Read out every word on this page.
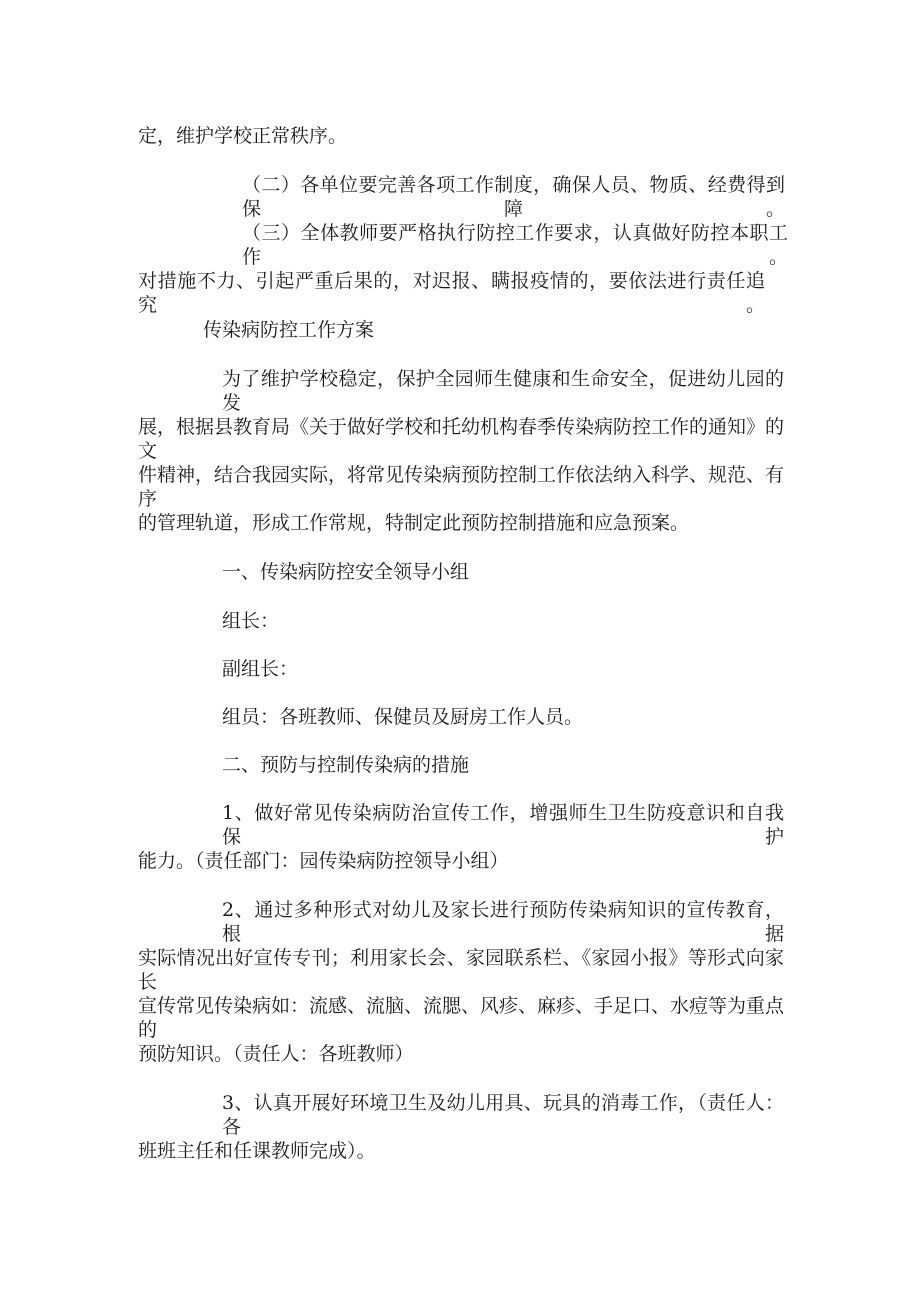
定，维护学校正常秩序。
（二）各单位要完善各项工作制度，确保人员、物质、经费得到保障。
（三）全体教师要严格执行防控工作要求，认真做好防控本职工作。
对措施不力、引起严重后果的，对迟报、瞒报疫情的，要依法进行责任追究。
传染病防控工作方案
为了维护学校稳定，保护全园师生健康和生命安全，促进幼儿园的发
展，根据县教育局《关于做好学校和托幼机构春季传染病防控工作的通知》的文
件精神，结合我园实际，将常见传染病预防控制工作依法纳入科学、规范、有序
的管理轨道，形成工作常规，特制定此预防控制措施和应急预案。
一、传染病防控安全领导小组
组长：
副组长：
组员：各班教师、保健员及厨房工作人员。
二、预防与控制传染病的措施
1、做好常见传染病防治宣传工作，增强师生卫生防疫意识和自我保护
能力。（责任部门：园传染病防控领导小组）
2、通过多种形式对幼儿及家长进行预防传染病知识的宣传教育，根据
实际情况出好宣传专刊；利用家长会、家园联系栏、《家园小报》等形式向家长
宣传常见传染病如：流感、流脑、流腮、风疹、麻疹、手足口、水痘等为重点的
预防知识。（责任人：各班教师）
3、认真开展好环境卫生及幼儿用具、玩具的消毒工作，（责任人：各
班班主任和任课教师完成）。
